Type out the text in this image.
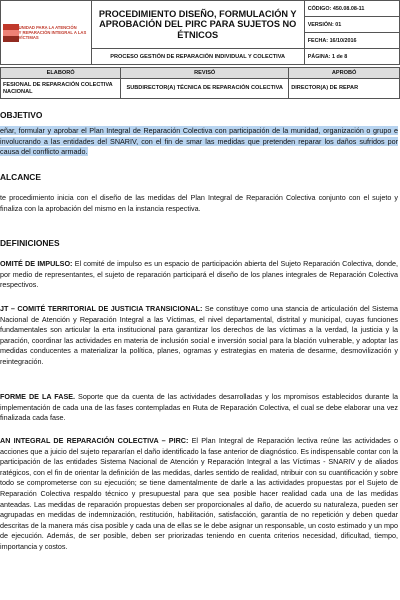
UNIDAD PARA LA ATENCIÓN
Y REPARACIÓN INTEGRAL A LAS VÍCTIMAS	PROCEDIMIENTO DISEÑO, FORMULACIÓN Y APROBACIÓN DEL PIRC PARA SUJETOS NO ÉTNICOS	CÓDIGO: 450.08.08-11
		VERSIÓN: 01
		FECHA: 16/10/2016
	PROCESO GESTIÓN DE REPARACIÓN INDIVIDUAL Y COLECTIVA	PÁGINA: 1 de 8
ELABORÓ	REVISÓ	APROBÓ
FESIONAL DE REPARACIÓN COLECTIVA NACIONAL	SUBDIRECTOR(A) TÉCNICA DE REPARACIÓN COLECTIVA	DIRECTOR(A) DE REPAR
OBJETIVO
eñar, formular y aprobar el Plan Integral de Reparación Colectiva con participación de la munidad, organización o grupo e involucrando a las entidades del SNARIV, con el fin de smar las medidas que pretenden reparar los daños sufridos por causa del conflicto armado.
ALCANCE
te procedimiento inicia con el diseño de las medidas del Plan Integral de Reparación Colectiva conjunto con el sujeto y finaliza con la aprobación del mismo en la instancia respectiva.
DEFINICIONES
OMITÉ DE IMPULSO: El comité de impulso es un espacio de participación abierta del Sujeto Reparación Colectiva, donde, por medio de representantes, el sujeto de reparación participará el diseño de los planes integrales de Reparación Colectiva respectivos.
JT – COMITÉ TERRITORIAL DE JUSTICIA TRANSICIONAL: Se constituye como una stancia de articulación del Sistema Nacional de Atención y Reparación Integral a las Víctimas, el nivel departamental, distrital y municipal, cuyas funciones fundamentales son articular la erta institucional para garantizar los derechos de las víctimas a la verdad, la justicia y la paración, coordinar las actividades en materia de inclusión social e inversión social para la blación vulnerable, y adoptar las medidas conducentes a materializar la política, planes, ogramas y estrategias en materia de desarme, desmovilización y reintegración.
FORME DE LA FASE. Soporte que da cuenta de las actividades desarrolladas y los mpromisos establecidos durante la implementación de cada una de las fases contempladas en Ruta de Reparación Colectiva, el cual se debe elaborar una vez finalizada cada fase.
AN INTEGRAL DE REPARACIÓN COLECTIVA – PIRC: El Plan Integral de Reparación lectiva reúne las actividades o acciones que a juicio del sujeto repararían el daño identificado la fase anterior de diagnóstico. Es indispensable contar con la participación de las entidades Sistema Nacional de Atención y Reparación Integral a las Víctimas - SNARIV y de aliados ratégicos, con el fin de orientar la definición de las medidas, darles sentido de realidad, ntribuir con su cuantificación y sobre todo se comprometerse con su ejecución; se tiene damentalmente de darle a las actividades propuestas por el Sujeto de Reparación Colectiva respaldo técnico y presupuestal para que sea posible hacer realidad cada una de las medidas anteadas. Las medidas de reparación propuestas deben ser proporcionales al daño, de acuerdo su naturaleza, pueden ser agrupadas en medidas de indemnización, restitución, habilitación, satisfacción, garantía de no repetición y deben quedar descritas de la manera más cisa posible y cada una de ellas se le debe asignar un responsable, un costo estimado y un mpo de ejecución. Además, de ser posible, deben ser priorizadas teniendo en cuenta criterios necesidad, dificultad, tiempo, importancia y costos.
